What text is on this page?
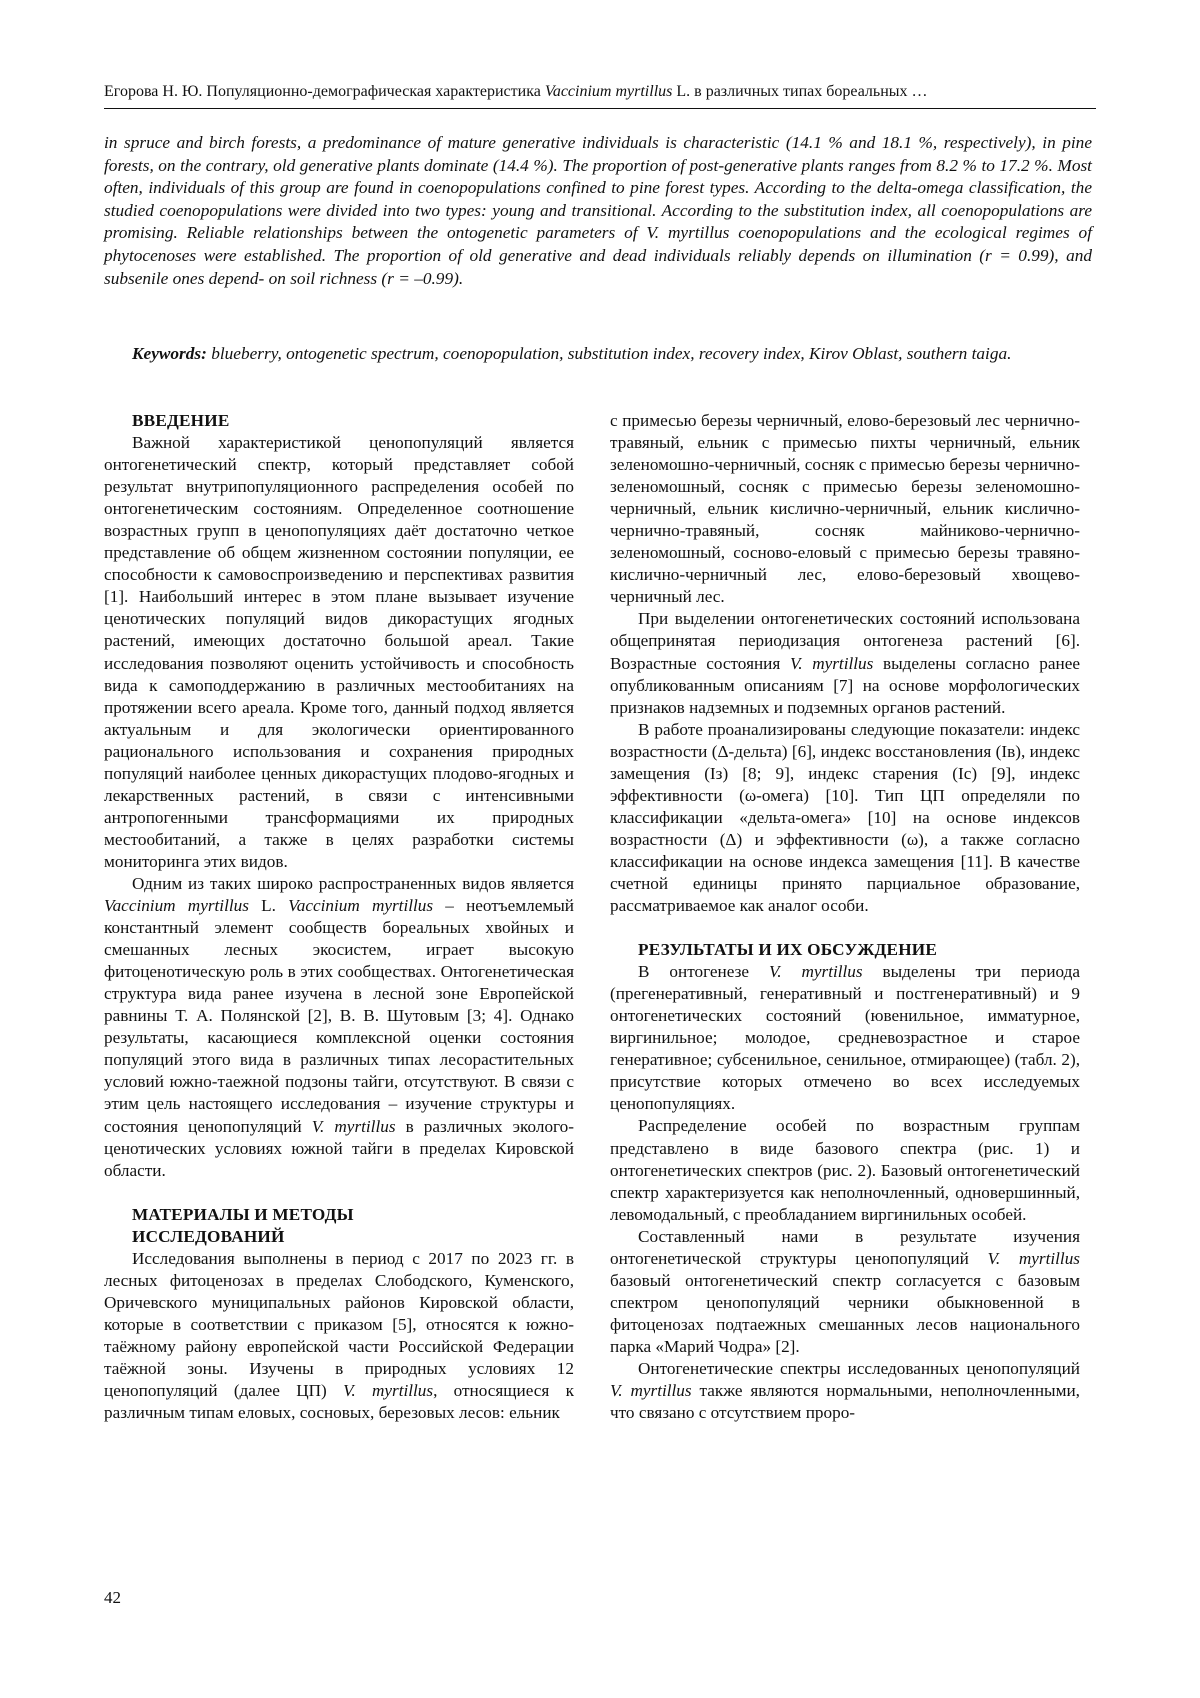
Егорова Н. Ю. Популяционно-демографическая характеристика Vaccinium myrtillus L. в различных типах бореальных …

in spruce and birch forests, a predominance of mature generative individuals is characteristic (14.1 % and 18.1 %, respectively), in pine forests, on the contrary, old generative plants dominate (14.4 %). The proportion of post-generative plants ranges from 8.2 % to 17.2 %. Most often, individuals of this group are found in coenopopulations confined to pine forest types. According to the delta-omega classification, the studied coenopopulations were divided into two types: young and transitional. According to the substitution index, all coenopopulations are promising. Reliable relationships between the ontogenetic parameters of V. myrtillus coenopopulations and the ecological regimes of phytocenoses were established. The proportion of old generative and dead individuals reliably depends on illumination (r = 0.99), and subsenile ones depend- on soil richness (r = –0.99).

Keywords: blueberry, ontogenetic spectrum, coenopopulation, substitution index, recovery index, Kirov Oblast, southern taiga.

ВВЕДЕНИЕ

Важной характеристикой ценопопуляций является онтогенетический спектр, который представляет собой результат внутрипопуляционного распределения особей по онтогенетическим состояниям. Определенное соотношение возрастных групп в ценопопуляциях даёт достаточно четкое представление об общем жизненном состоянии популяции, ее способности к самовоспроизведению и перспективах развития [1]. Наибольший интерес в этом плане вызывает изучение ценотических популяций видов дикорастущих ягодных растений, имеющих достаточно большой ареал. Такие исследования позволяют оценить устойчивость и способность вида к самоподдержанию в различных местообитаниях на протяжении всего ареала. Кроме того, данный подход является актуальным и для экологически ориентированного рационального использования и сохранения природных популяций наиболее ценных дикорастущих плодово-ягодных и лекарственных растений, в связи с интенсивными антропогенными трансформациями их природных местообитаний, а также в целях разработки системы мониторинга этих видов.

Одним из таких широко распространенных видов является Vaccinium myrtillus L. Vaccinium myrtillus – неотъемлемый константный элемент сообществ бореальных хвойных и смешанных лесных экосистем, играет высокую фитоценотическую роль в этих сообществах. Онтогенетическая структура вида ранее изучена в лесной зоне Европейской равнины Т. А. Полянской [2], В. В. Шутовым [3; 4]. Однако результаты, касающиеся комплексной оценки состояния популяций этого вида в различных типах лесорастительных условий южно-таежной подзоны тайги, отсутствуют. В связи с этим цель настоящего исследования – изучение структуры и состояния ценопопуляций V. myrtillus в различных эколого-ценотических условиях южной тайги в пределах Кировской области.

МАТЕРИАЛЫ И МЕТОДЫ
ИССЛЕДОВАНИЙ

Исследования выполнены в период с 2017 по 2023 гг. в лесных фитоценозах в пределах Слободского, Куменского, Оричевского муниципальных районов Кировской области, которые в соответствии с приказом [5], относятся к южно-таёжному району европейской части Российской Федерации таёжной зоны. Изучены в природных условиях 12 ценопопуляций (далее ЦП) V. myrtillus, относящиеся к различным типам еловых, сосновых, березовых лесов: ельник

с примесью березы черничный, елово-березовый лес чернично-травяный, ельник с примесью пихты черничный, ельник зеленомошно-черничный, сосняк с примесью березы чернично-зеленомошный, сосняк с примесью березы зеленомошно-черничный, ельник кислично-черничный, ельник кислично-чернично-травяный, сосняк майниково-чернично-зеленомошный, сосново-еловый с примесью березы травяно-кислично-черничный лес, елово-березовый хвощево-черничный лес.

При выделении онтогенетических состояний использована общепринятая периодизация онтогенеза растений [6]. Возрастные состояния V. myrtillus выделены согласно ранее опубликованным описаниям [7] на основе морфологических признаков надземных и подземных органов растений.

В работе проанализированы следующие показатели: индекс возрастности (Δ-дельта) [6], индекс восстановления (Iв), индекс замещения (Iз) [8; 9], индекс старения (Iс) [9], индекс эффективности (ω-омега) [10]. Тип ЦП определяли по классификации «дельта-омега» [10] на основе индексов возрастности (Δ) и эффективности (ω), а также согласно классификации на основе индекса замещения [11]. В качестве счетной единицы принято парциальное образование, рассматриваемое как аналог особи.

РЕЗУЛЬТАТЫ И ИХ ОБСУЖДЕНИЕ

В онтогенезе V. myrtillus выделены три периода (прегенеративный, генеративный и постгенеративный) и 9 онтогенетических состояний (ювенильное, имматурное, виргинильное; молодое, средневозрастное и старое генеративное; субсенильное, сенильное, отмирающее) (табл. 2), присутствие которых отмечено во всех исследуемых ценопопуляциях.

Распределение особей по возрастным группам представлено в виде базового спектра (рис. 1) и онтогенетических спектров (рис. 2). Базовый онтогенетический спектр характеризуется как неполночленный, одновершинный, левомодальный, с преобладанием виргинильных особей.

Составленный нами в результате изучения онтогенетической структуры ценопопуляций V. myrtillus базовый онтогенетический спектр согласуется с базовым спектром ценопопуляций черники обыкновенной в фитоценозах подтаежных смешанных лесов национального парка «Марий Чодра» [2].

Онтогенетические спектры исследованных ценопопуляций V. myrtillus также являются нормальными, неполночленными, что связано с отсутствием проро-

42
